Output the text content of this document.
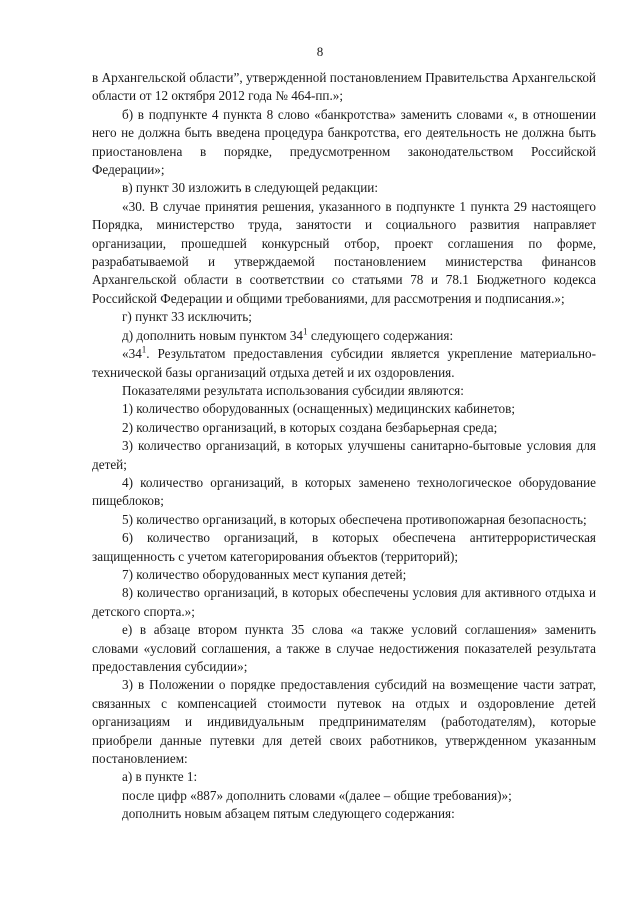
8

в Архангельской области”, утвержденной постановлением Правительства Архангельской области от 12 октября 2012 года № 464-пп.»;

б) в подпункте 4 пункта 8 слово «банкротства» заменить словами «, в отношении него не должна быть введена процедура банкротства, его деятельность не должна быть приостановлена в порядке, предусмотренном законодательством Российской Федерации»;

в) пункт 30 изложить в следующей редакции:

«30. В случае принятия решения, указанного в подпункте 1 пункта 29 настоящего Порядка, министерство труда, занятости и социального развития направляет организации, прошедшей конкурсный отбор, проект соглашения по форме, разрабатываемой и утверждаемой постановлением министерства финансов Архангельской области в соответствии со статьями 78 и 78.1 Бюджетного кодекса Российской Федерации и общими требованиями, для рассмотрения и подписания.»;

г) пункт 33 исключить;

д) дополнить новым пунктом $34^1$ следующего содержания:

«$34^1$. Результатом предоставления субсидии является укрепление материально-технической базы организаций отдыха детей и их оздоровления.

Показателями результата использования субсидии являются:

1) количество оборудованных (оснащенных) медицинских кабинетов;

2) количество организаций, в которых создана безбарьерная среда;

3) количество организаций, в которых улучшены санитарно-бытовые условия для детей;

4) количество организаций, в которых заменено технологическое оборудование пищеблоков;

5) количество организаций, в которых обеспечена противопожарная безопасность;

6) количество организаций, в которых обеспечена антитеррористическая защищенность с учетом категорирования объектов (территорий);

7) количество оборудованных мест купания детей;

8) количество организаций, в которых обеспечены условия для активного отдыха и детского спорта.»;

е) в абзаце втором пункта 35 слова «а также условий соглашения» заменить словами «условий соглашения, а также в случае недостижения показателей результата предоставления субсидии»;

3) в Положении о порядке предоставления субсидий на возмещение части затрат, связанных с компенсацией стоимости путевок на отдых и оздоровление детей организациям и индивидуальным предпринимателям (работодателям), которые приобрели данные путевки для детей своих работников, утвержденном указанным постановлением:

а) в пункте 1:

после цифр «887» дополнить словами «(далее – общие требования)»;

дополнить новым абзацем пятым следующего содержания:
